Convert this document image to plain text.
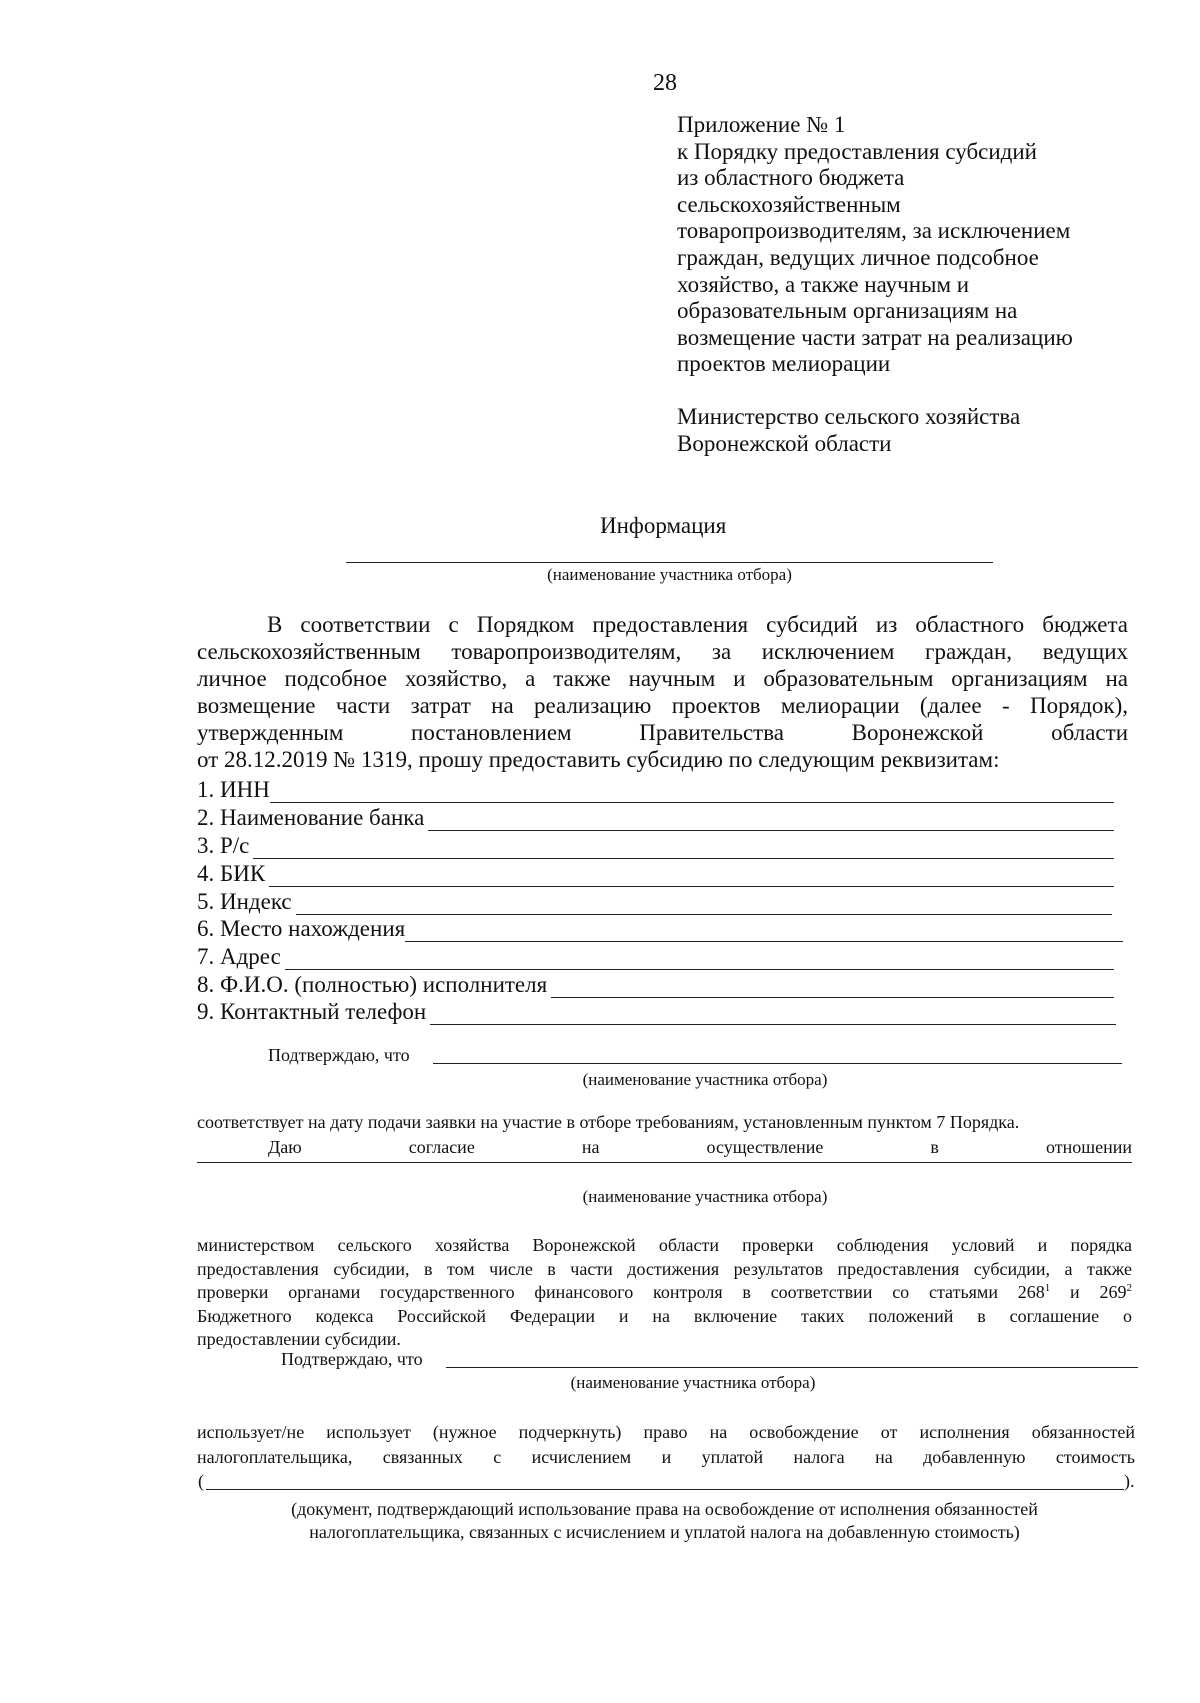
28
Приложение № 1
к Порядку предоставления субсидий
из областного бюджета
сельскохозяйственным
товаропроизводителям, за исключением
граждан, ведущих личное подсобное
хозяйство, а также научным и
образовательным организациям на
возмещение части затрат на реализацию
проектов мелиорации
Министерство сельского хозяйства
Воронежской области
Информация
(наименование участника отбора)
В соответствии с Порядком предоставления субсидий из областного бюджета
сельскохозяйственным товаропроизводителям, за исключением граждан, ведущих
личное подсобное хозяйство, а также научным и образовательным организациям на
возмещение части затрат на реализацию проектов мелиорации (далее - Порядок),
утвержденным постановлением Правительства Воронежской области
от 28.12.2019 № 1319, прошу предоставить субсидию по следующим реквизитам:
1. ИНН
2. Наименование банка
3. Р/с
4. БИК
5. Индекс
6. Место нахождения
7. Адрес
8. Ф.И.О. (полностью) исполнителя
9. Контактный телефон
Подтверждаю, что
(наименование участника отбора)
соответствует на дату подачи заявки на участие в отборе требованиям, установленным пунктом 7 Порядка.
Даю согласие на осуществление в отношении
(наименование участника отбора)
министерством сельского хозяйства Воронежской области проверки соблюдения условий и порядка
предоставления субсидии, в том числе в части достижения результатов предоставления субсидии, а также
проверки органами государственного финансового контроля в соответствии со статьями $268^1$ и $269^2$
Бюджетного кодекса Российской Федерации и на включение таких положений в соглашение о
предоставлении субсидии.
Подтверждаю, что
(наименование участника отбора)
использует/не использует (нужное подчеркнуть) право на освобождение от исполнения обязанностей
налогоплательщика, связанных с исчислением и уплатой налога на добавленную стоимость
(	).
(документ, подтверждающий использование права на освобождение от исполнения обязанностей
налогоплательщика, связанных с исчислением и уплатой налога на добавленную стоимость)
